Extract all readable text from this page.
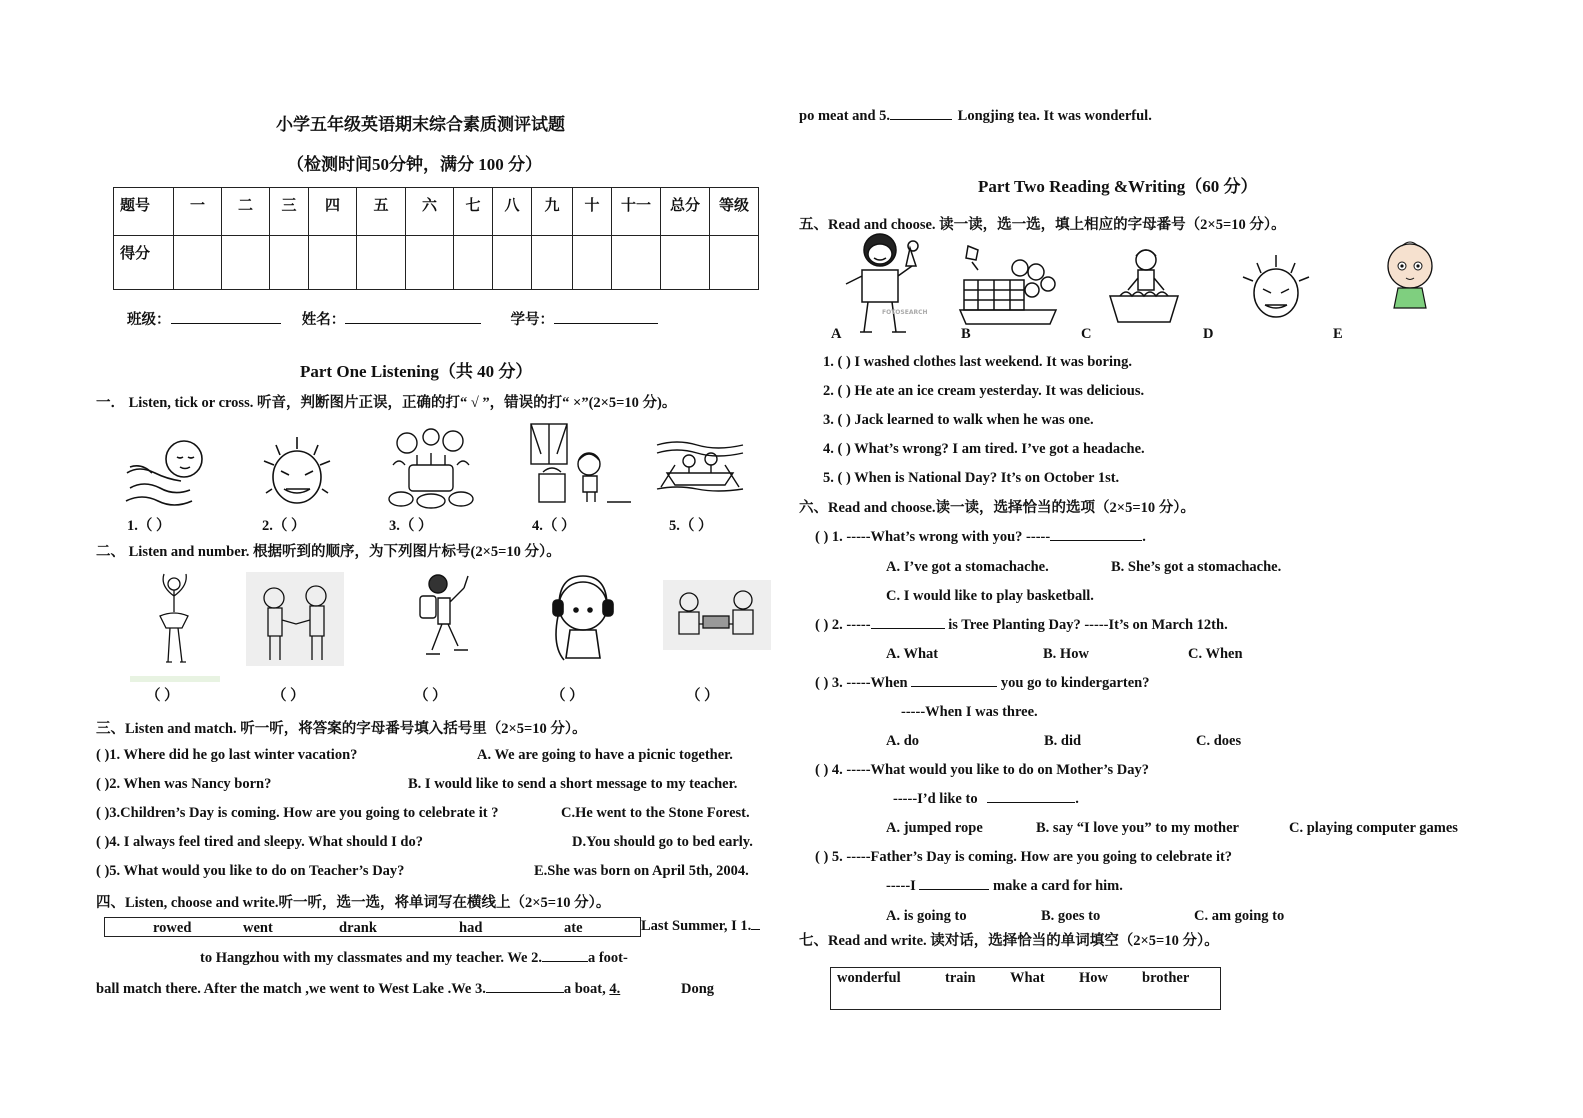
小学五年级英语期末综合素质测评试题
（检测时间50分钟，满分 100 分）
题号	一	二	三	四	五	六	七	八	九	十	十一	总分	等级
得分													
班级：	姓名：	学号：
Part One Listening（共 40 分）
一． Listen, tick or cross. 听音，判断图片正误，正确的打“ √ ”，错误的打“ ×”(2×5=10 分)。
1.（ ）	2.（ ）	3.（ ）	4.（ ）	5.（ ）
二、 Listen and number. 根据听到的顺序，为下列图片标号(2×5=10 分）。
（ ）	（ ）	（ ）	（ ）	（ ）
三、Listen and match. 听一听，将答案的字母番号填入括号里（2×5=10 分）。
( )1. Where did he go last winter vacation?	A. We are going to have a picnic together.
( )2. When was Nancy born?	B. I would like to send a short message to my teacher.
( )3.Children’s Day is coming. How are you going to celebrate it ?	C.He went to the Stone Forest.
( )4. I always feel tired and sleepy. What should I do?	D.You should go to bed early.
( )5. What would you like to do on Teacher’s Day?	E.She was born on April 5th, 2004.
四、Listen, choose and write.听一听，选一选，将单词写在横线上（2×5=10 分）。
rowed	went	drank	had	ate	Last Summer, I 1.
to Hangzhou with my classmates and my teacher. We 2.	a foot-
ball match there. After the match ,we went to West Lake .We 3.	a boat, 4.	Dong
po meat and 5.	Longjing tea. It was wonderful.
Part Two Reading &Writing（60 分）
五、Read and choose. 读一读，选一选，填上相应的字母番号（2×5=10 分）。
FOTOSEARCH
A	B	C	D	E
1. ( ) I washed clothes last weekend. It was boring.
2. ( ) He ate an ice cream yesterday. It was delicious.
3. ( ) Jack learned to walk when he was one.
4. ( ) What’s wrong? I am tired. I’ve got a headache.
5. ( ) When is National Day? It’s on October 1st.
六、Read and choose.读一读，选择恰当的选项（2×5=10 分）。
( ) 1. -----What’s wrong with you? -----	.
A. I’ve got a stomachache.	B. She’s got a stomachache.
C. I would like to play basketball.
( ) 2. -----	is Tree Planting Day? -----It’s on March 12th.
A. What	B. How	C. When
( ) 3. -----When	you go to kindergarten?
-----When I was three.
A. do	B. did	C. does
( ) 4. -----What would you like to do on Mother’s Day?
-----I’d like to	.
A. jumped rope	B. say “I love you” to my mother	C. playing computer games
( ) 5. -----Father’s Day is coming. How are you going to celebrate it?
-----I	make a card for him.
A. is going to	B. goes to	C. am going to
七、Read and write. 读对话，选择恰当的单词填空（2×5=10 分）。
wonderful	train What How brother
